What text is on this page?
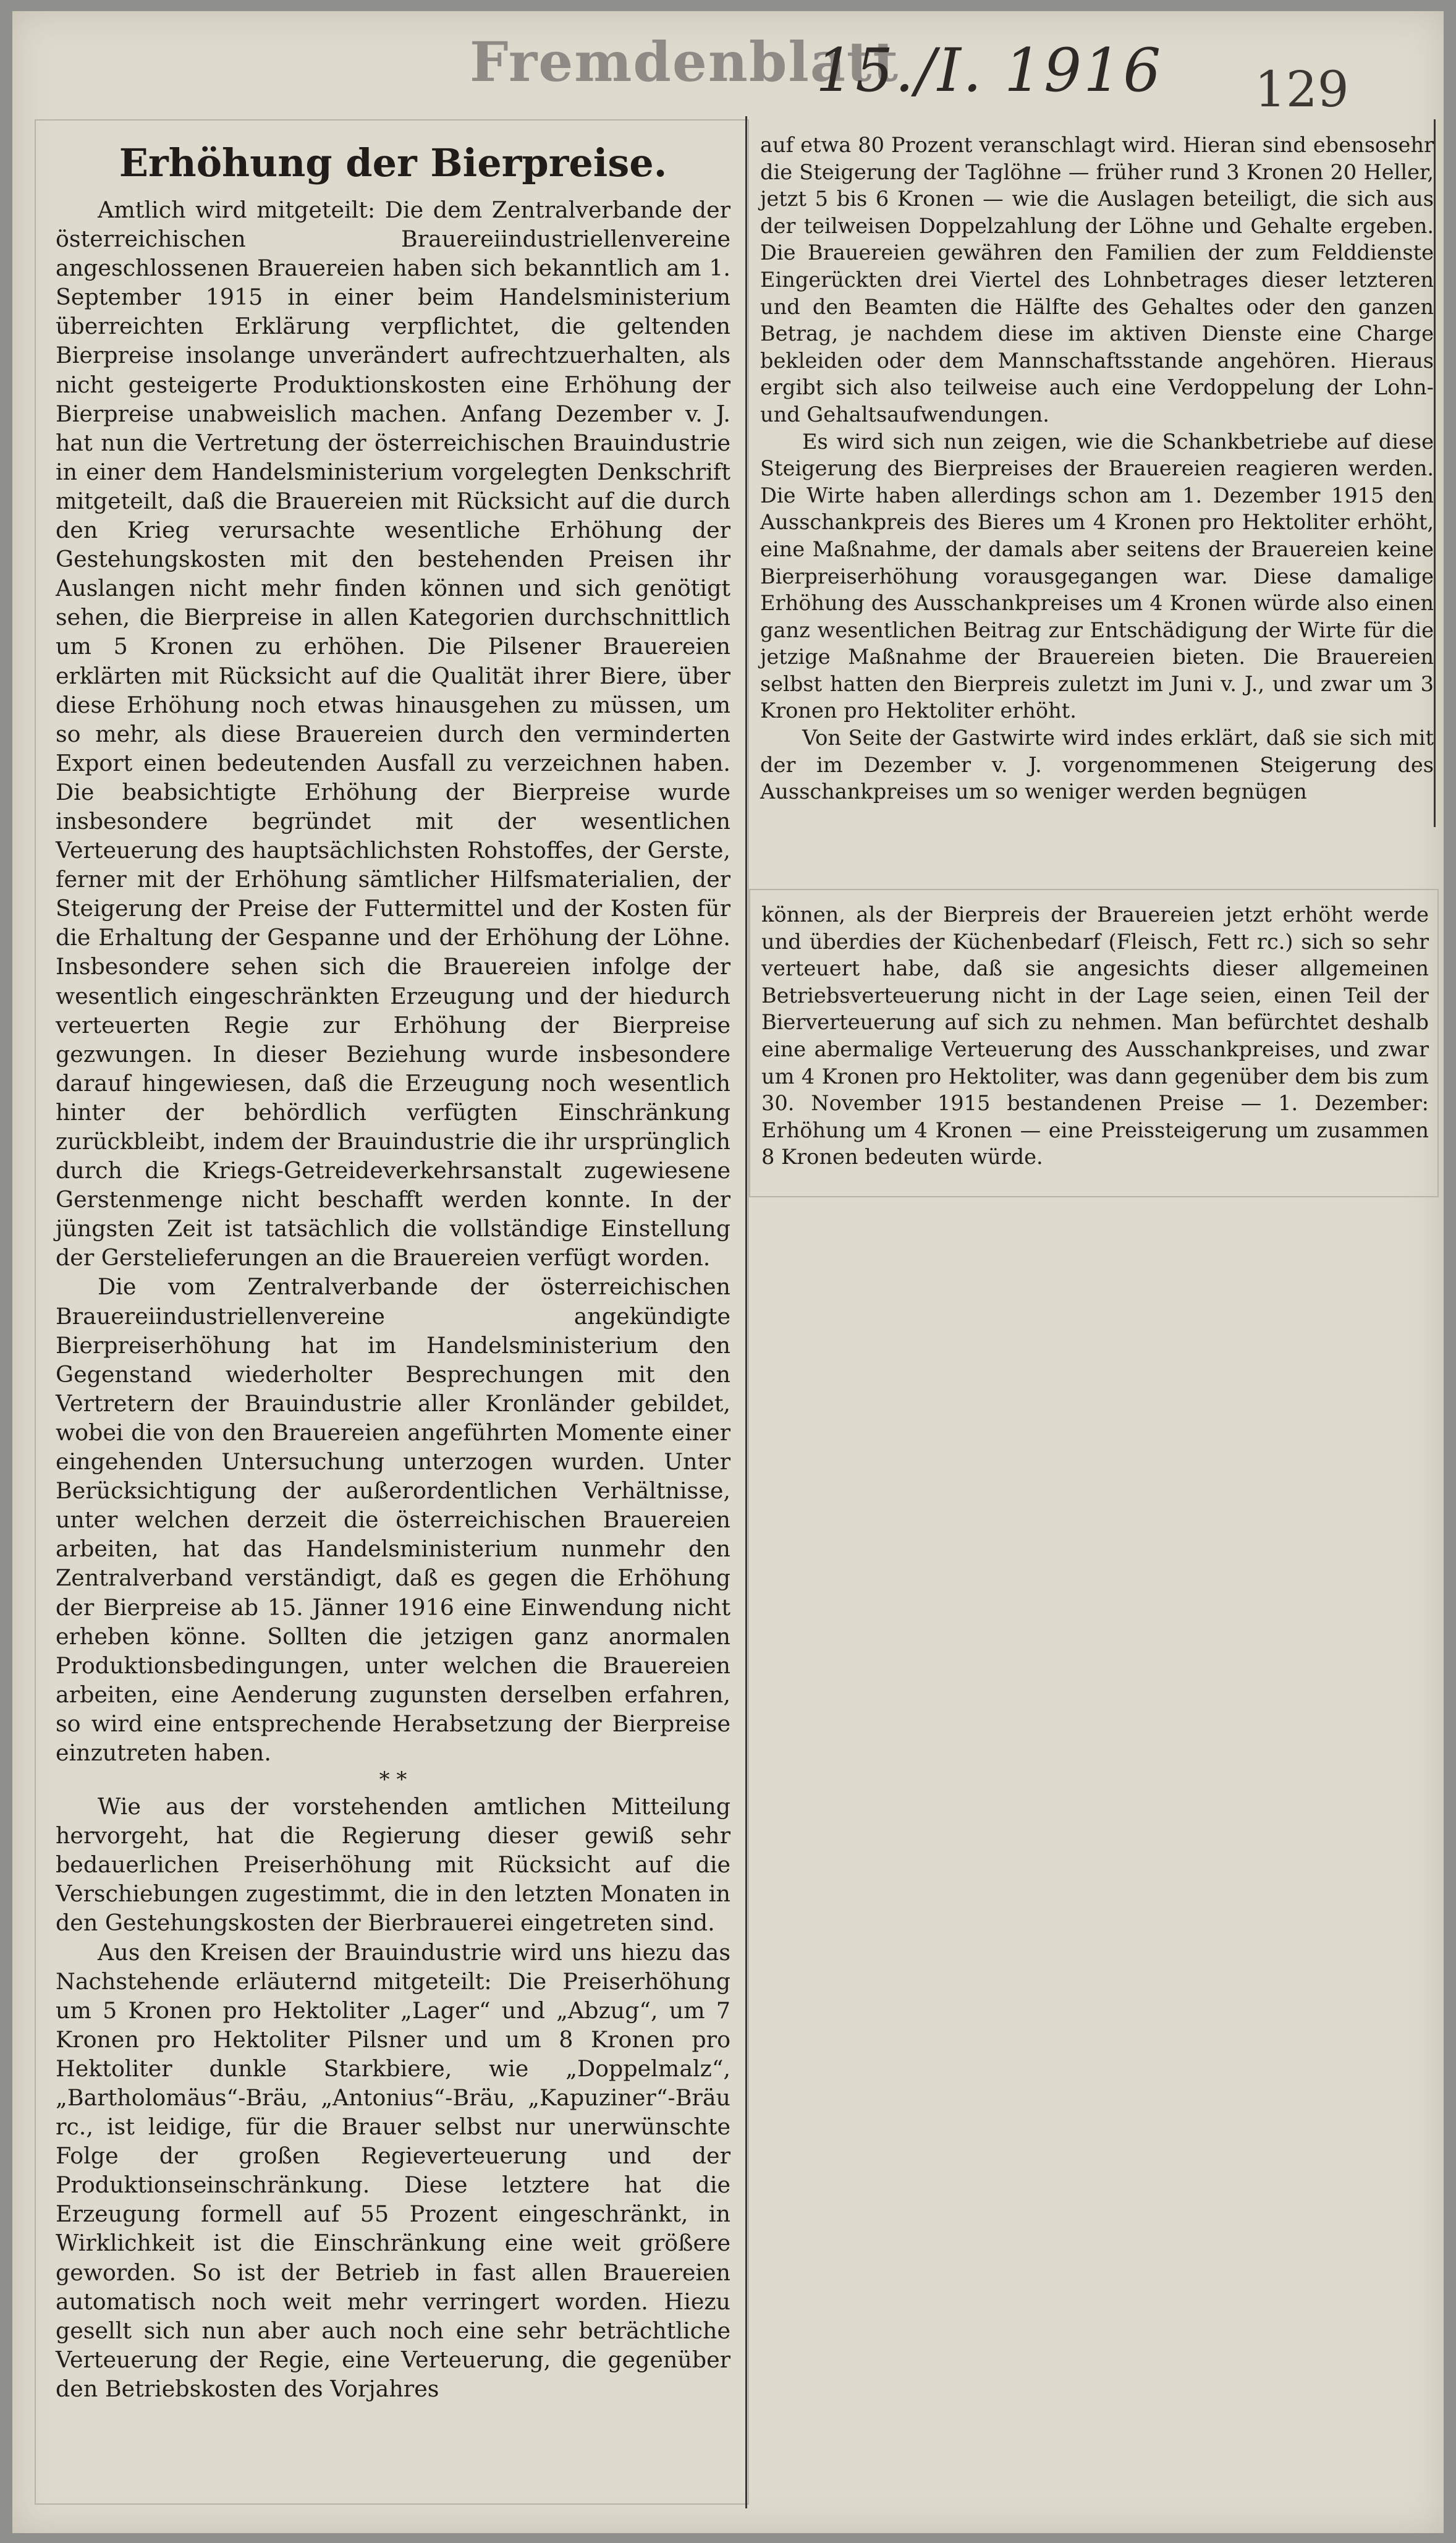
Fremdenblatt
15./I. 1916 129
Erhöhung der Bierpreise.

Amtlich wird mitgeteilt: Die dem Zentralverbande der österreichischen Brauereiindustriellenvereine angeschlossenen Brauereien haben sich bekanntlich am 1. September 1915 in einer beim Handelsministerium überreichten Erklärung verpflichtet, die geltenden Bierpreise insolange unverändert aufrechtzuerhalten, als nicht gesteigerte Produktionskosten eine Erhöhung der Bierpreise unabweislich machen. Anfang Dezember v. J. hat nun die Vertretung der österreichischen Brauindustrie in einer dem Handelsministerium vorgelegten Denkschrift mitgeteilt, daß die Brauereien mit Rücksicht auf die durch den Krieg verursachte wesentliche Erhöhung der Gestehungskosten mit den bestehenden Preisen ihr Auslangen nicht mehr finden können und sich genötigt sehen, die Bierpreise in allen Kategorien durchschnittlich um 5 Kronen zu erhöhen. Die Pilsener Brauereien erklärten mit Rücksicht auf die Qualität ihrer Biere, über diese Erhöhung noch etwas hinausgehen zu müssen, um so mehr, als diese Brauereien durch den verminderten Export einen bedeutenden Ausfall zu verzeichnen haben. Die beabsichtigte Erhöhung der Bierpreise wurde insbesondere begründet mit der wesentlichen Verteuerung des hauptsächlichsten Rohstoffes, der Gerste, ferner mit der Erhöhung sämtlicher Hilfsmaterialien, der Steigerung der Preise der Futtermittel und der Kosten für die Erhaltung der Gespanne und der Erhöhung der Löhne. Insbesondere sehen sich die Brauereien infolge der wesentlich eingeschränkten Erzeugung und der hiedurch verteuerten Regie zur Erhöhung der Bierpreise gezwungen. In dieser Beziehung wurde insbesondere darauf hingewiesen, daß die Erzeugung noch wesentlich hinter der behördlich verfügten Einschränkung zurückbleibt, indem der Brauindustrie die ihr ursprünglich durch die Kriegs-Getreideverkehrsanstalt zugewiesene Gerstenmenge nicht beschafft werden konnte. In der jüngsten Zeit ist tatsächlich die vollständige Einstellung der Gerstelieferungen an die Brauereien verfügt worden.

Die vom Zentralverbande der österreichischen Brauereiindustriellenvereine angekündigte Bierpreiserhöhung hat im Handelsministerium den Gegenstand wiederholter Besprechungen mit den Vertretern der Brauindustrie aller Kronländer gebildet, wobei die von den Brauereien angeführten Momente einer eingehenden Untersuchung unterzogen wurden. Unter Berücksichtigung der außerordentlichen Verhältnisse, unter welchen derzeit die österreichischen Brauereien arbeiten, hat das Handelsministerium nunmehr den Zentralverband verständigt, daß es gegen die Erhöhung der Bierpreise ab 15. Jänner 1916 eine Einwendung nicht erheben könne. Sollten die jetzigen ganz anormalen Produktionsbedingungen, unter welchen die Brauereien arbeiten, eine Aenderung zugunsten derselben erfahren, so wird eine entsprechende Herabsetzung der Bierpreise einzutreten haben.

* *

Wie aus der vorstehenden amtlichen Mitteilung hervorgeht, hat die Regierung dieser gewiß sehr bedauerlichen Preiserhöhung mit Rücksicht auf die Verschiebungen zugestimmt, die in den letzten Monaten in den Gestehungskosten der Bierbrauerei eingetreten sind.

Aus den Kreisen der Brauindustrie wird uns hiezu das Nachstehende erläuternd mitgeteilt: Die Preiserhöhung um 5 Kronen pro Hektoliter „Lager“ und „Abzug“, um 7 Kronen pro Hektoliter Pilsner und um 8 Kronen pro Hektoliter dunkle Starkbiere, wie „Doppelmalz“, „Bartholomäus“-Bräu, „Antonius“-Bräu, „Kapuziner“-Bräu rc., ist leidige, für die Brauer selbst nur unerwünschte Folge der großen Regieverteuerung und der Produktionseinschränkung. Diese letztere hat die Erzeugung formell auf 55 Prozent eingeschränkt, in Wirklichkeit ist die Einschränkung eine weit größere geworden. So ist der Betrieb in fast allen Brauereien automatisch noch weit mehr verringert worden. Hiezu gesellt sich nun aber auch noch eine sehr beträchtliche Verteuerung der Regie, eine Verteuerung, die gegenüber den Betriebskosten des Vorjahres

auf etwa 80 Prozent veranschlagt wird. Hieran sind ebensosehr die Steigerung der Taglöhne — früher rund 3 Kronen 20 Heller, jetzt 5 bis 6 Kronen — wie die Auslagen beteiligt, die sich aus der teilweisen Doppelzahlung der Löhne und Gehalte ergeben. Die Brauereien gewähren den Familien der zum Felddienste Eingerückten drei Viertel des Lohnbetrages dieser letzteren und den Beamten die Hälfte des Gehaltes oder den ganzen Betrag, je nachdem diese im aktiven Dienste eine Charge bekleiden oder dem Mannschaftsstande angehören. Hieraus ergibt sich also teilweise auch eine Verdoppelung der Lohn- und Gehaltsaufwendungen.

Es wird sich nun zeigen, wie die Schankbetriebe auf diese Steigerung des Bierpreises der Brauereien reagieren werden. Die Wirte haben allerdings schon am 1. Dezember 1915 den Ausschankpreis des Bieres um 4 Kronen pro Hektoliter erhöht, eine Maßnahme, der damals aber seitens der Brauereien keine Bierpreiserhöhung vorausgegangen war. Diese damalige Erhöhung des Ausschankpreises um 4 Kronen würde also einen ganz wesentlichen Beitrag zur Entschädigung der Wirte für die jetzige Maßnahme der Brauereien bieten. Die Brauereien selbst hatten den Bierpreis zuletzt im Juni v. J., und zwar um 3 Kronen pro Hektoliter erhöht.

Von Seite der Gastwirte wird indes erklärt, daß sie sich mit der im Dezember v. J. vorgenommenen Steigerung des Ausschankpreises um so weniger werden begnügen

können, als der Bierpreis der Brauereien jetzt erhöht werde und überdies der Küchenbedarf (Fleisch, Fett rc.) sich so sehr verteuert habe, daß sie angesichts dieser allgemeinen Betriebsverteuerung nicht in der Lage seien, einen Teil der Bierverteuerung auf sich zu nehmen. Man befürchtet deshalb eine abermalige Verteuerung des Ausschankpreises, und zwar um 4 Kronen pro Hektoliter, was dann gegenüber dem bis zum 30. November 1915 bestandenen Preise — 1. Dezember: Erhöhung um 4 Kronen — eine Preissteigerung um zusammen 8 Kronen bedeuten würde.
